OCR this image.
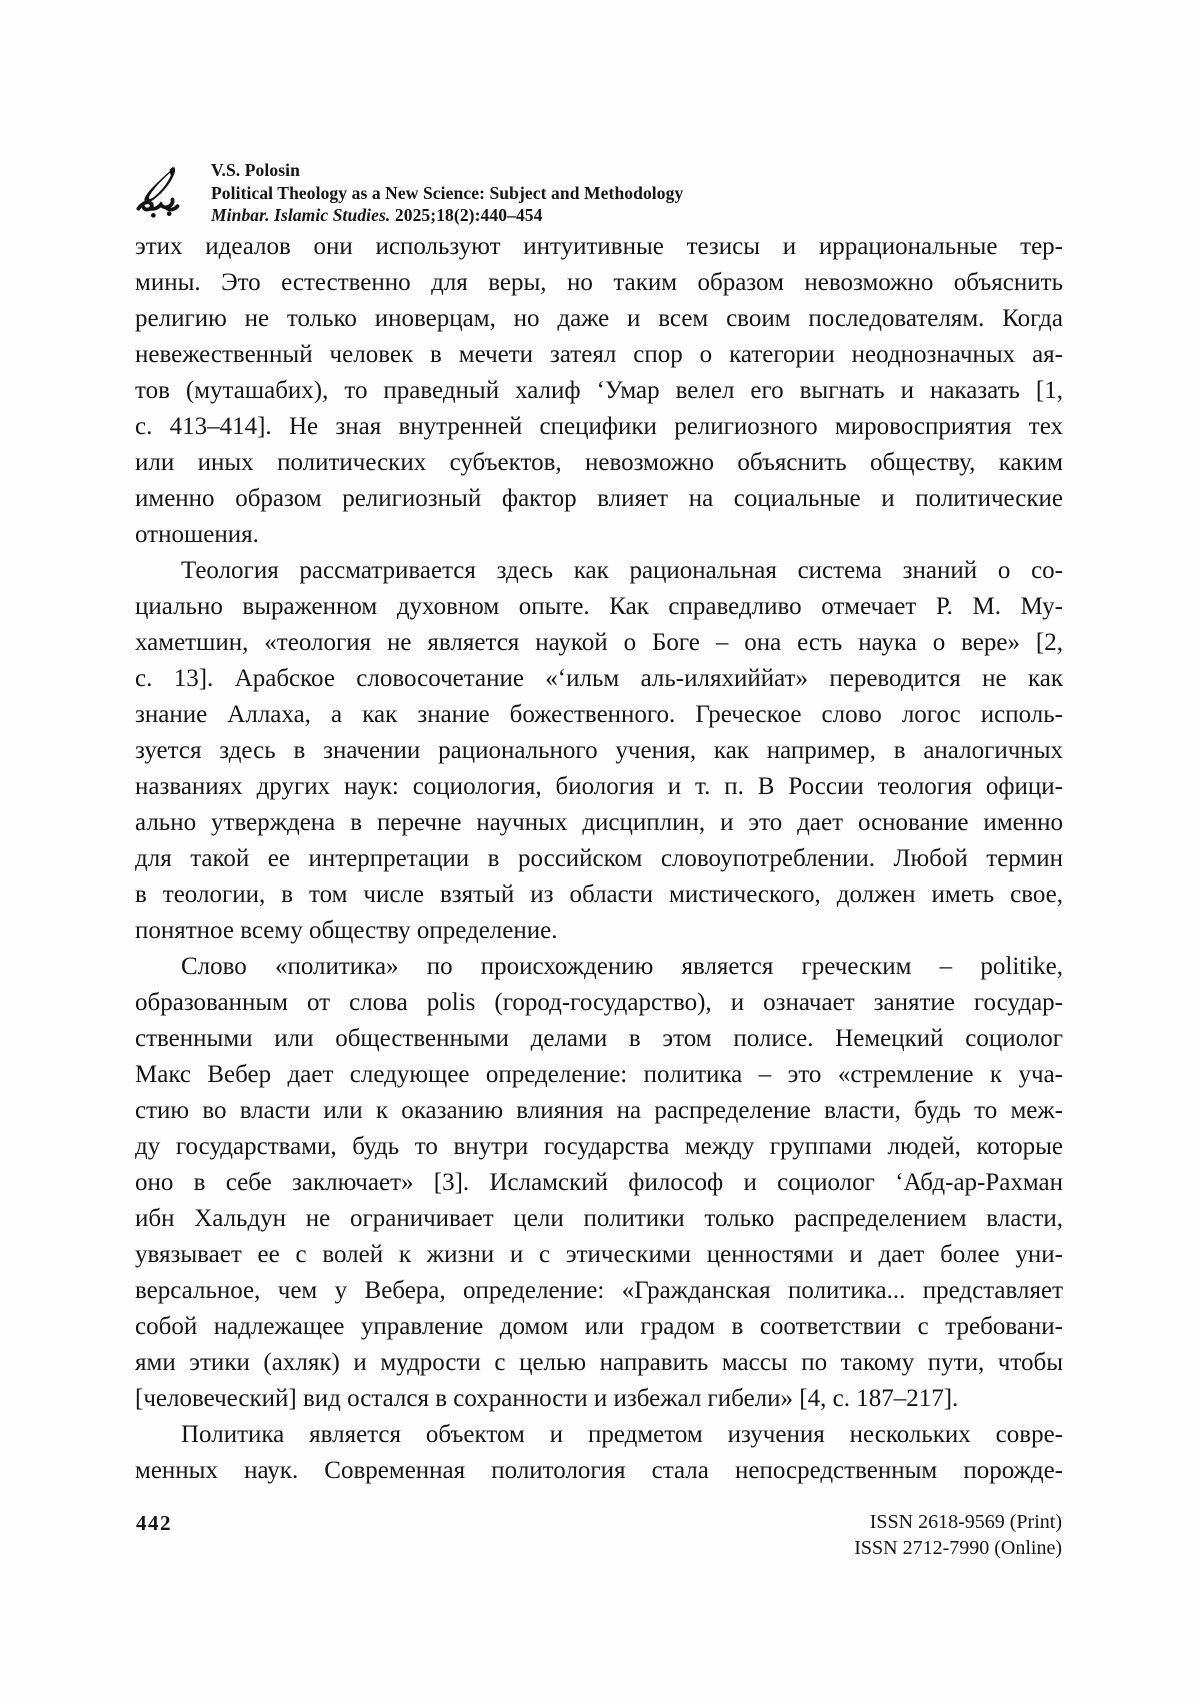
V.S. Polosin
Political Theology as a New Science: Subject and Methodology
Minbar. Islamic Studies. 2025;18(2):440–454
этих идеалов они используют интуитивные тезисы и иррациональные тер-
мины. Это естественно для веры, но таким образом невозможно объяснить
религию не только иноверцам, но даже и всем своим последователям. Когда
невежественный человек в мечети затеял спор о категории неоднозначных ая-
тов (муташабих), то праведный халиф ‘Умар велел его выгнать и наказать [1,
с. 413–414]. Не зная внутренней специфики религиозного мировосприятия тех
или иных политических субъектов, невозможно объяснить обществу, каким
именно образом религиозный фактор влияет на социальные и политические
отношения.
Теология рассматривается здесь как рациональная система знаний о со-
циально выраженном духовном опыте. Как справедливо отмечает Р. М. Му-
хаметшин, «теология не является наукой о Боге – она есть наука о вере» [2,
с. 13]. Арабское словосочетание «‘ильм аль-иляхиййат» переводится не как
знание Аллаха, а как знание божественного. Греческое слово логос исполь-
зуется здесь в значении рационального учения, как например, в аналогичных
названиях других наук: социология, биология и т. п. В России теология офици-
ально утверждена в перечне научных дисциплин, и это дает основание именно
для такой ее интерпретации в российском словоупотреблении. Любой термин
в теологии, в том числе взятый из области мистического, должен иметь свое,
понятное всему обществу определение.
Слово «политика» по происхождению является греческим – politike,
образованным от слова polis (город-государство), и означает занятие государ-
ственными или общественными делами в этом полисе. Немецкий социолог
Макс Вебер дает следующее определение: политика – это «стремление к уча-
стию во власти или к оказанию влияния на распределение власти, будь то меж-
ду государствами, будь то внутри государства между группами людей, которые
оно в себе заключает» [3]. Исламский философ и социолог ‘Абд-ар-Рахман
ибн Хальдун не ограничивает цели политики только распределением власти,
увязывает ее с волей к жизни и с этическими ценностями и дает более уни-
версальное, чем у Вебера, определение: «Гражданская политика... представляет
собой надлежащее управление домом или градом в соответствии с требовани-
ями этики (ахляк) и мудрости с целью направить массы по такому пути, чтобы
[человеческий] вид остался в сохранности и избежал гибели» [4, с. 187–217].
Политика является объектом и предметом изучения нескольких совре-
менных наук. Современная политология стала непосредственным порожде-
442	ISSN 2618-9569 (Print)
ISSN 2712-7990 (Online)
